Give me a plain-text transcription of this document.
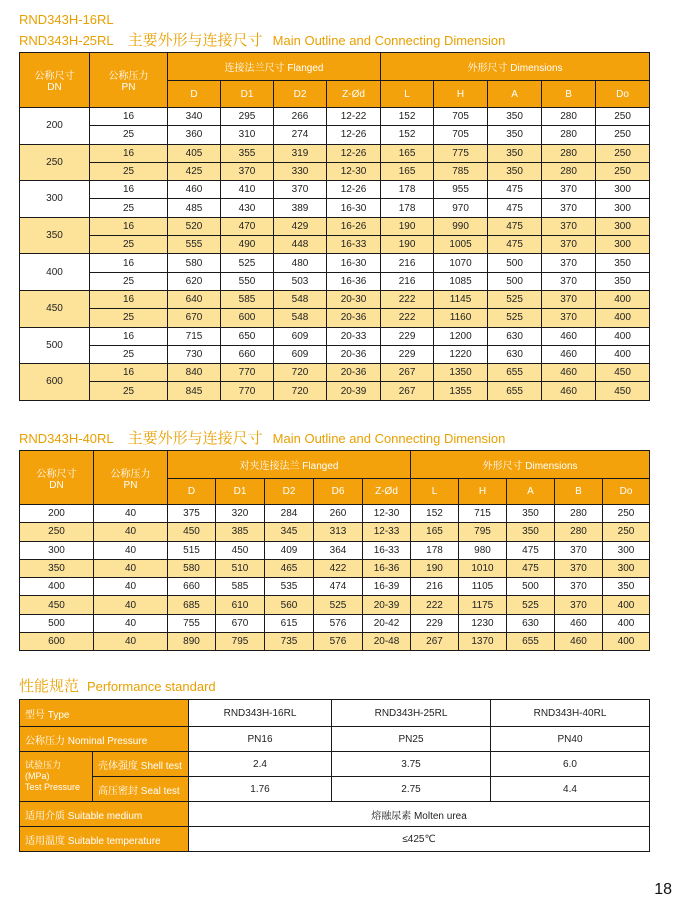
RND343H-16RL
RND343H-25RL 主要外形与连接尺寸 Main Outline and Connecting Dimension
公称尺寸
DN	公称压力
PN	连接法兰尺寸 Flanged				外形尺寸 Dimensions				
		D	D1	D2	Z-Ød	L	H	A	B	Do
200	16	340	295	266	12-22	152	705	350	280	250
	25	360	310	274	12-26	152	705	350	280	250
250	16	405	355	319	12-26	165	775	350	280	250
	25	425	370	330	12-30	165	785	350	280	250
300	16	460	410	370	12-26	178	955	475	370	300
	25	485	430	389	16-30	178	970	475	370	300
350	16	520	470	429	16-26	190	990	475	370	300
	25	555	490	448	16-33	190	1005	475	370	300
400	16	580	525	480	16-30	216	1070	500	370	350
	25	620	550	503	16-36	216	1085	500	370	350
450	16	640	585	548	20-30	222	1145	525	370	400
	25	670	600	548	20-36	222	1160	525	370	400
500	16	715	650	609	20-33	229	1200	630	460	400
	25	730	660	609	20-36	229	1220	630	460	400
600	16	840	770	720	20-36	267	1350	655	460	450
	25	845	770	720	20-39	267	1355	655	460	450
RND343H-40RL 主要外形与连接尺寸 Main Outline and Connecting Dimension
公称尺寸
DN	公称压力
PN	对夹连接法兰 Flanged					外形尺寸 Dimensions				
		D	D1	D2	D6	Z-Ød	L	H	A	B	Do
200	40	375	320	284	260	12-30	152	715	350	280	250
250	40	450	385	345	313	12-33	165	795	350	280	250
300	40	515	450	409	364	16-33	178	980	475	370	300
350	40	580	510	465	422	16-36	190	1010	475	370	300
400	40	660	585	535	474	16-39	216	1105	500	370	350
450	40	685	610	560	525	20-39	222	1175	525	370	400
500	40	755	670	615	576	20-42	229	1230	630	460	400
600	40	890	795	735	576	20-48	267	1370	655	460	400
性能规范 Performance standard
型号 Type		RND343H-16RL	RND343H-25RL	RND343H-40RL
公称压力 Nominal Pressure		PN16	PN25	PN40
试验压力
(MPa)
Test Pressure	壳体强度 Shell test	2.4	3.75	6.0
	高压密封 Seal test	1.76	2.75	4.4
适用介质 Suitable medium		熔融尿素 Molten urea		
适用温度 Suitable temperature		≤425℃		
18
